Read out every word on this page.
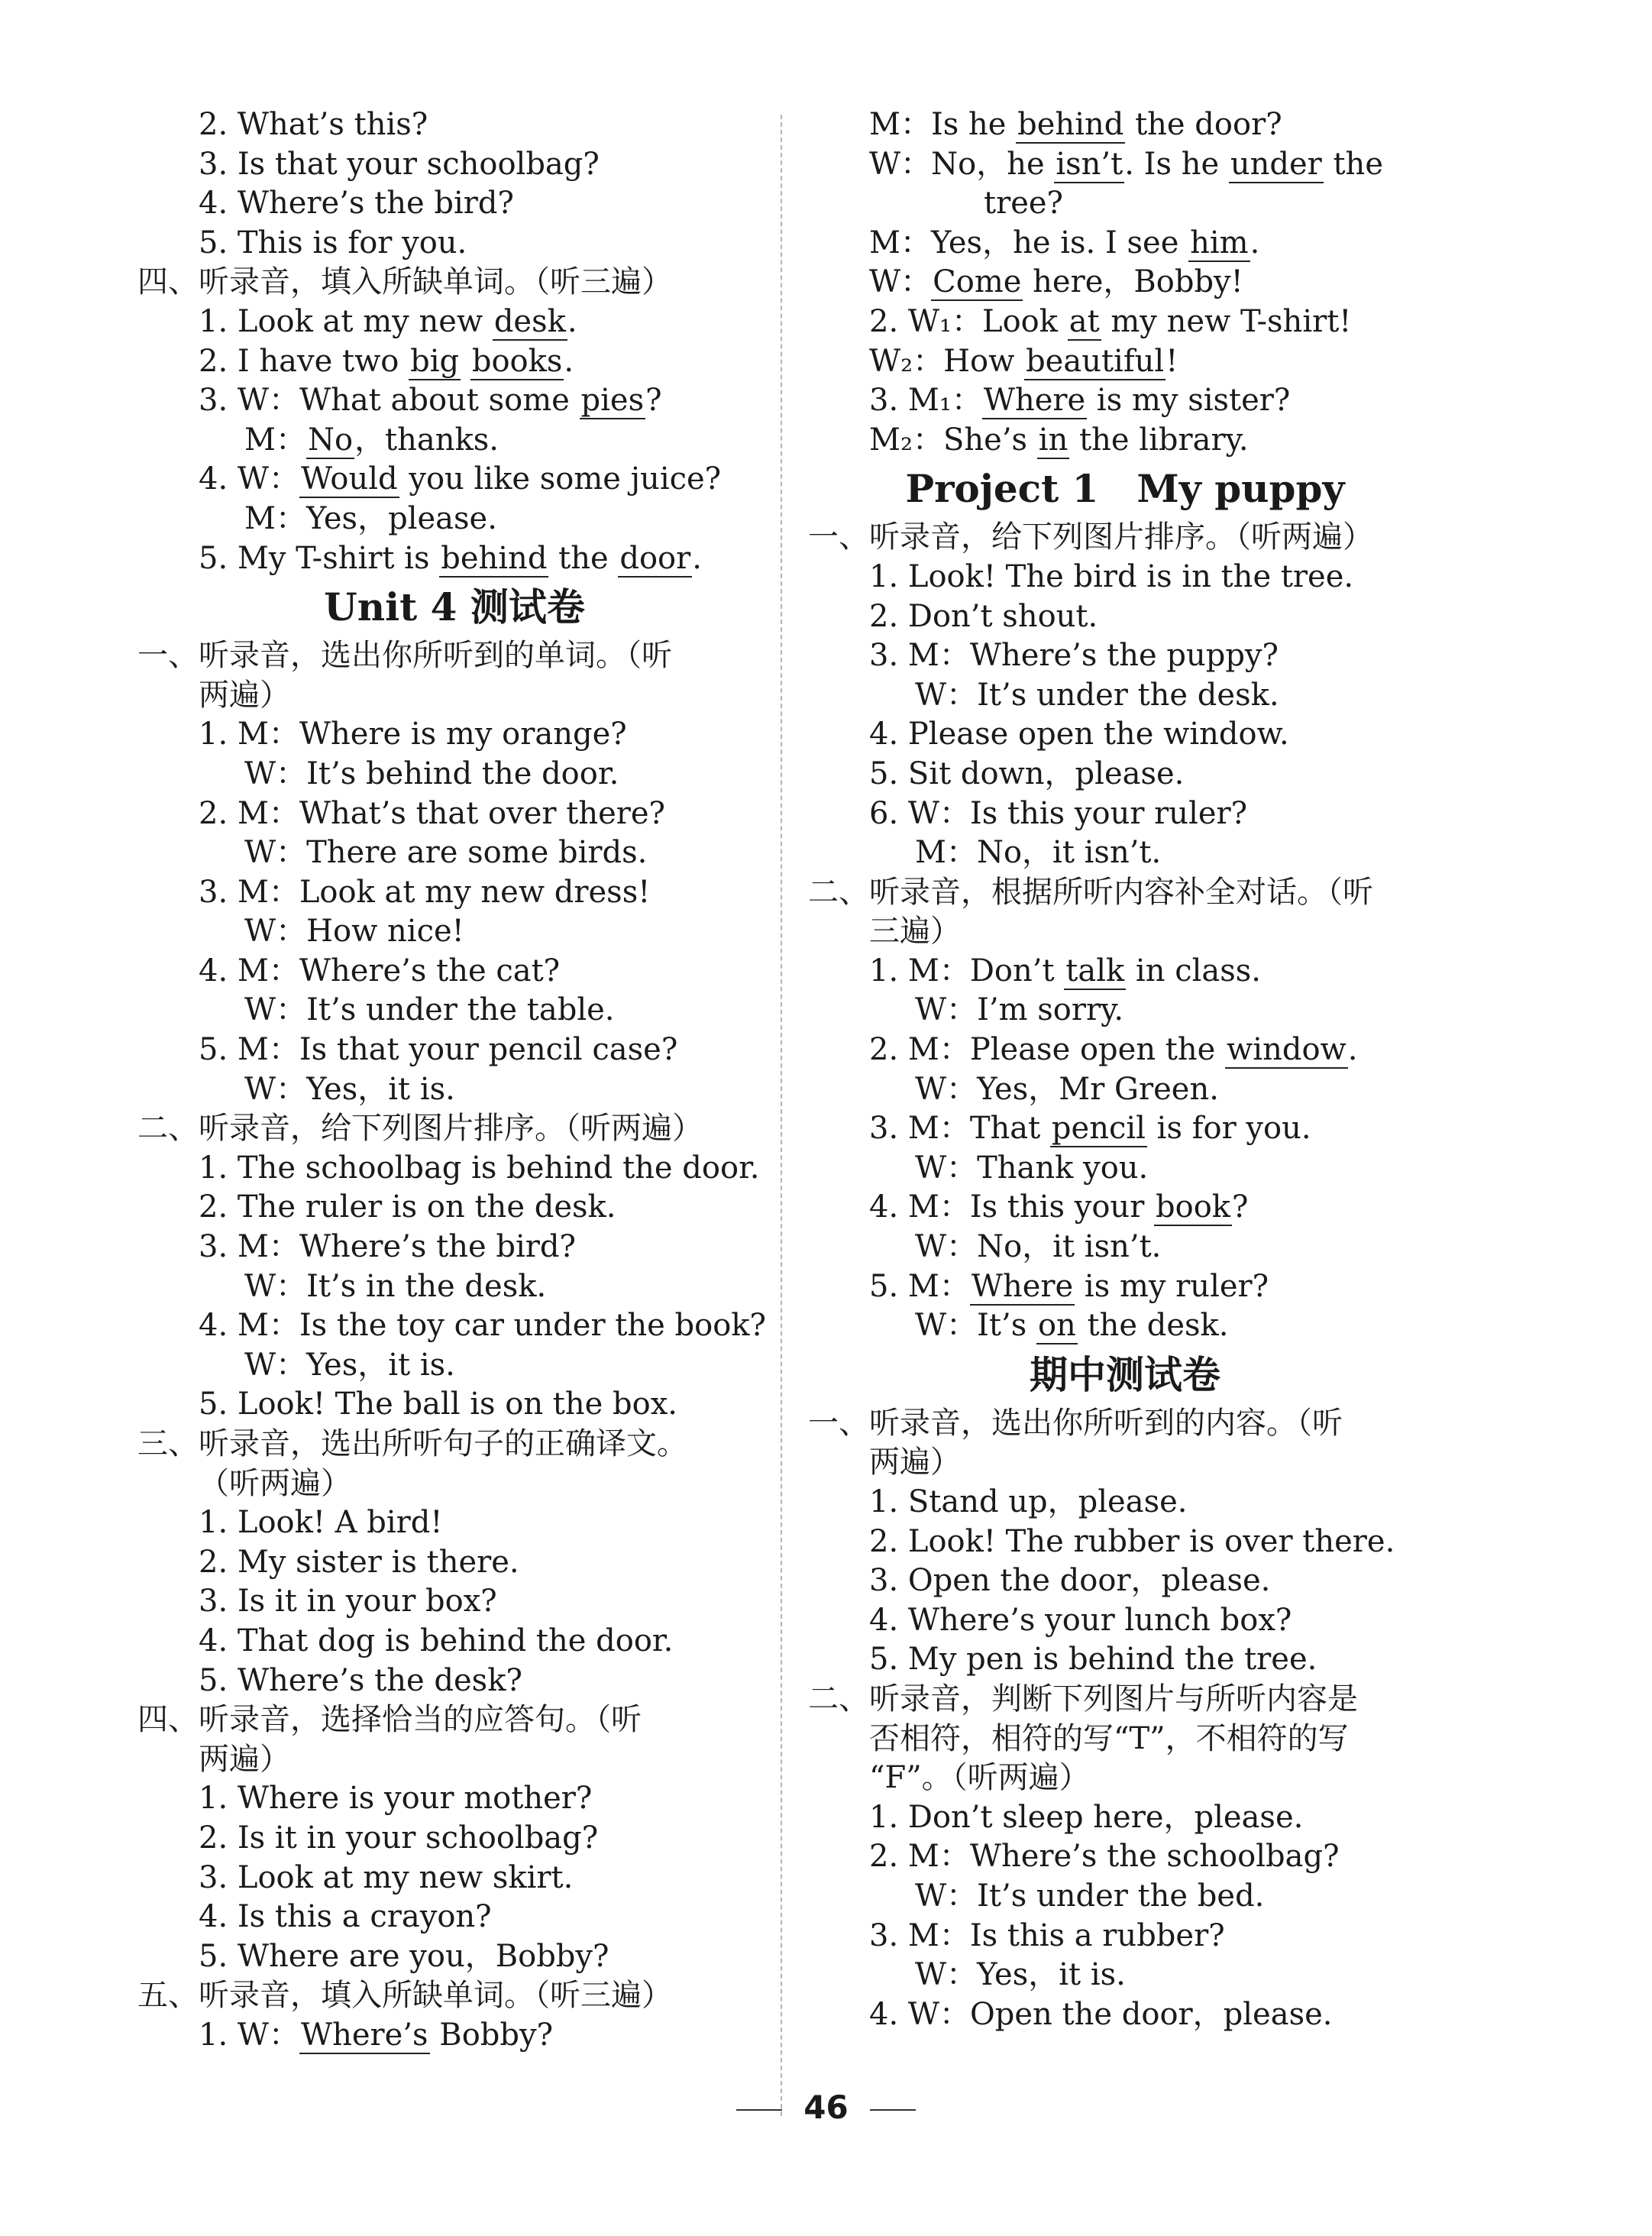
2. What’s this?
3. Is that your schoolbag?
4. Where’s the bird?
5. This is for you.
四、听录音，填入所缺单词。（听三遍）
1. Look at my new desk.
2. I have two big books.
3. W：What about some pies?
M：No，thanks.
4. W：Would you like some juice?
M：Yes，please.
5. My T-shirt is behind the door.
Unit 4 测试卷
一、听录音，选出你所听到的单词。（听
两遍）
1. M：Where is my orange?
W：It’s behind the door.
2. M：What’s that over there?
W：There are some birds.
3. M：Look at my new dress!
W：How nice!
4. M：Where’s the cat?
W：It’s under the table.
5. M：Is that your pencil case?
W：Yes，it is.
二、听录音，给下列图片排序。（听两遍）
1. The schoolbag is behind the door.
2. The ruler is on the desk.
3. M：Where’s the bird?
W：It’s in the desk.
4. M：Is the toy car under the book?
W：Yes，it is.
5. Look! The ball is on the box.
三、听录音，选出所听句子的正确译文。
（听两遍）
1. Look! A bird!
2. My sister is there.
3. Is it in your box?
4. That dog is behind the door.
5. Where’s the desk?
四、听录音，选择恰当的应答句。（听
两遍）
1. Where is your mother?
2. Is it in your schoolbag?
3. Look at my new skirt.
4. Is this a crayon?
5. Where are you，Bobby?
五、听录音，填入所缺单词。（听三遍）
1. W：Where’s Bobby?
M：Is he behind the door?
W：No，he isn’t. Is he under the
tree?
M：Yes，he is. I see him.
W：Come here，Bobby!
2. W₁：Look at my new T-shirt!
W₂：How beautiful!
3. M₁：Where is my sister?
M₂：She’s in the library.
Project 1　My puppy
一、听录音，给下列图片排序。（听两遍）
1. Look! The bird is in the tree.
2. Don’t shout.
3. M：Where’s the puppy?
W：It’s under the desk.
4. Please open the window.
5. Sit down，please.
6. W：Is this your ruler?
M：No，it isn’t.
二、听录音，根据所听内容补全对话。（听
三遍）
1. M：Don’t talk in class.
W：I’m sorry.
2. M：Please open the window.
W：Yes，Mr Green.
3. M：That pencil is for you.
W：Thank you.
4. M：Is this your book?
W：No，it isn’t.
5. M：Where is my ruler?
W：It’s on the desk.
期中测试卷
一、听录音，选出你所听到的内容。（听
两遍）
1. Stand up，please.
2. Look! The rubber is over there.
3. Open the door，please.
4. Where’s your lunch box?
5. My pen is behind the tree.
二、听录音，判断下列图片与所听内容是
否相符，相符的写“T”，不相符的写
“F”。（听两遍）
1. Don’t sleep here，please.
2. M：Where’s the schoolbag?
W：It’s under the bed.
3. M：Is this a rubber?
W：Yes，it is.
4. W：Open the door，please.
46
